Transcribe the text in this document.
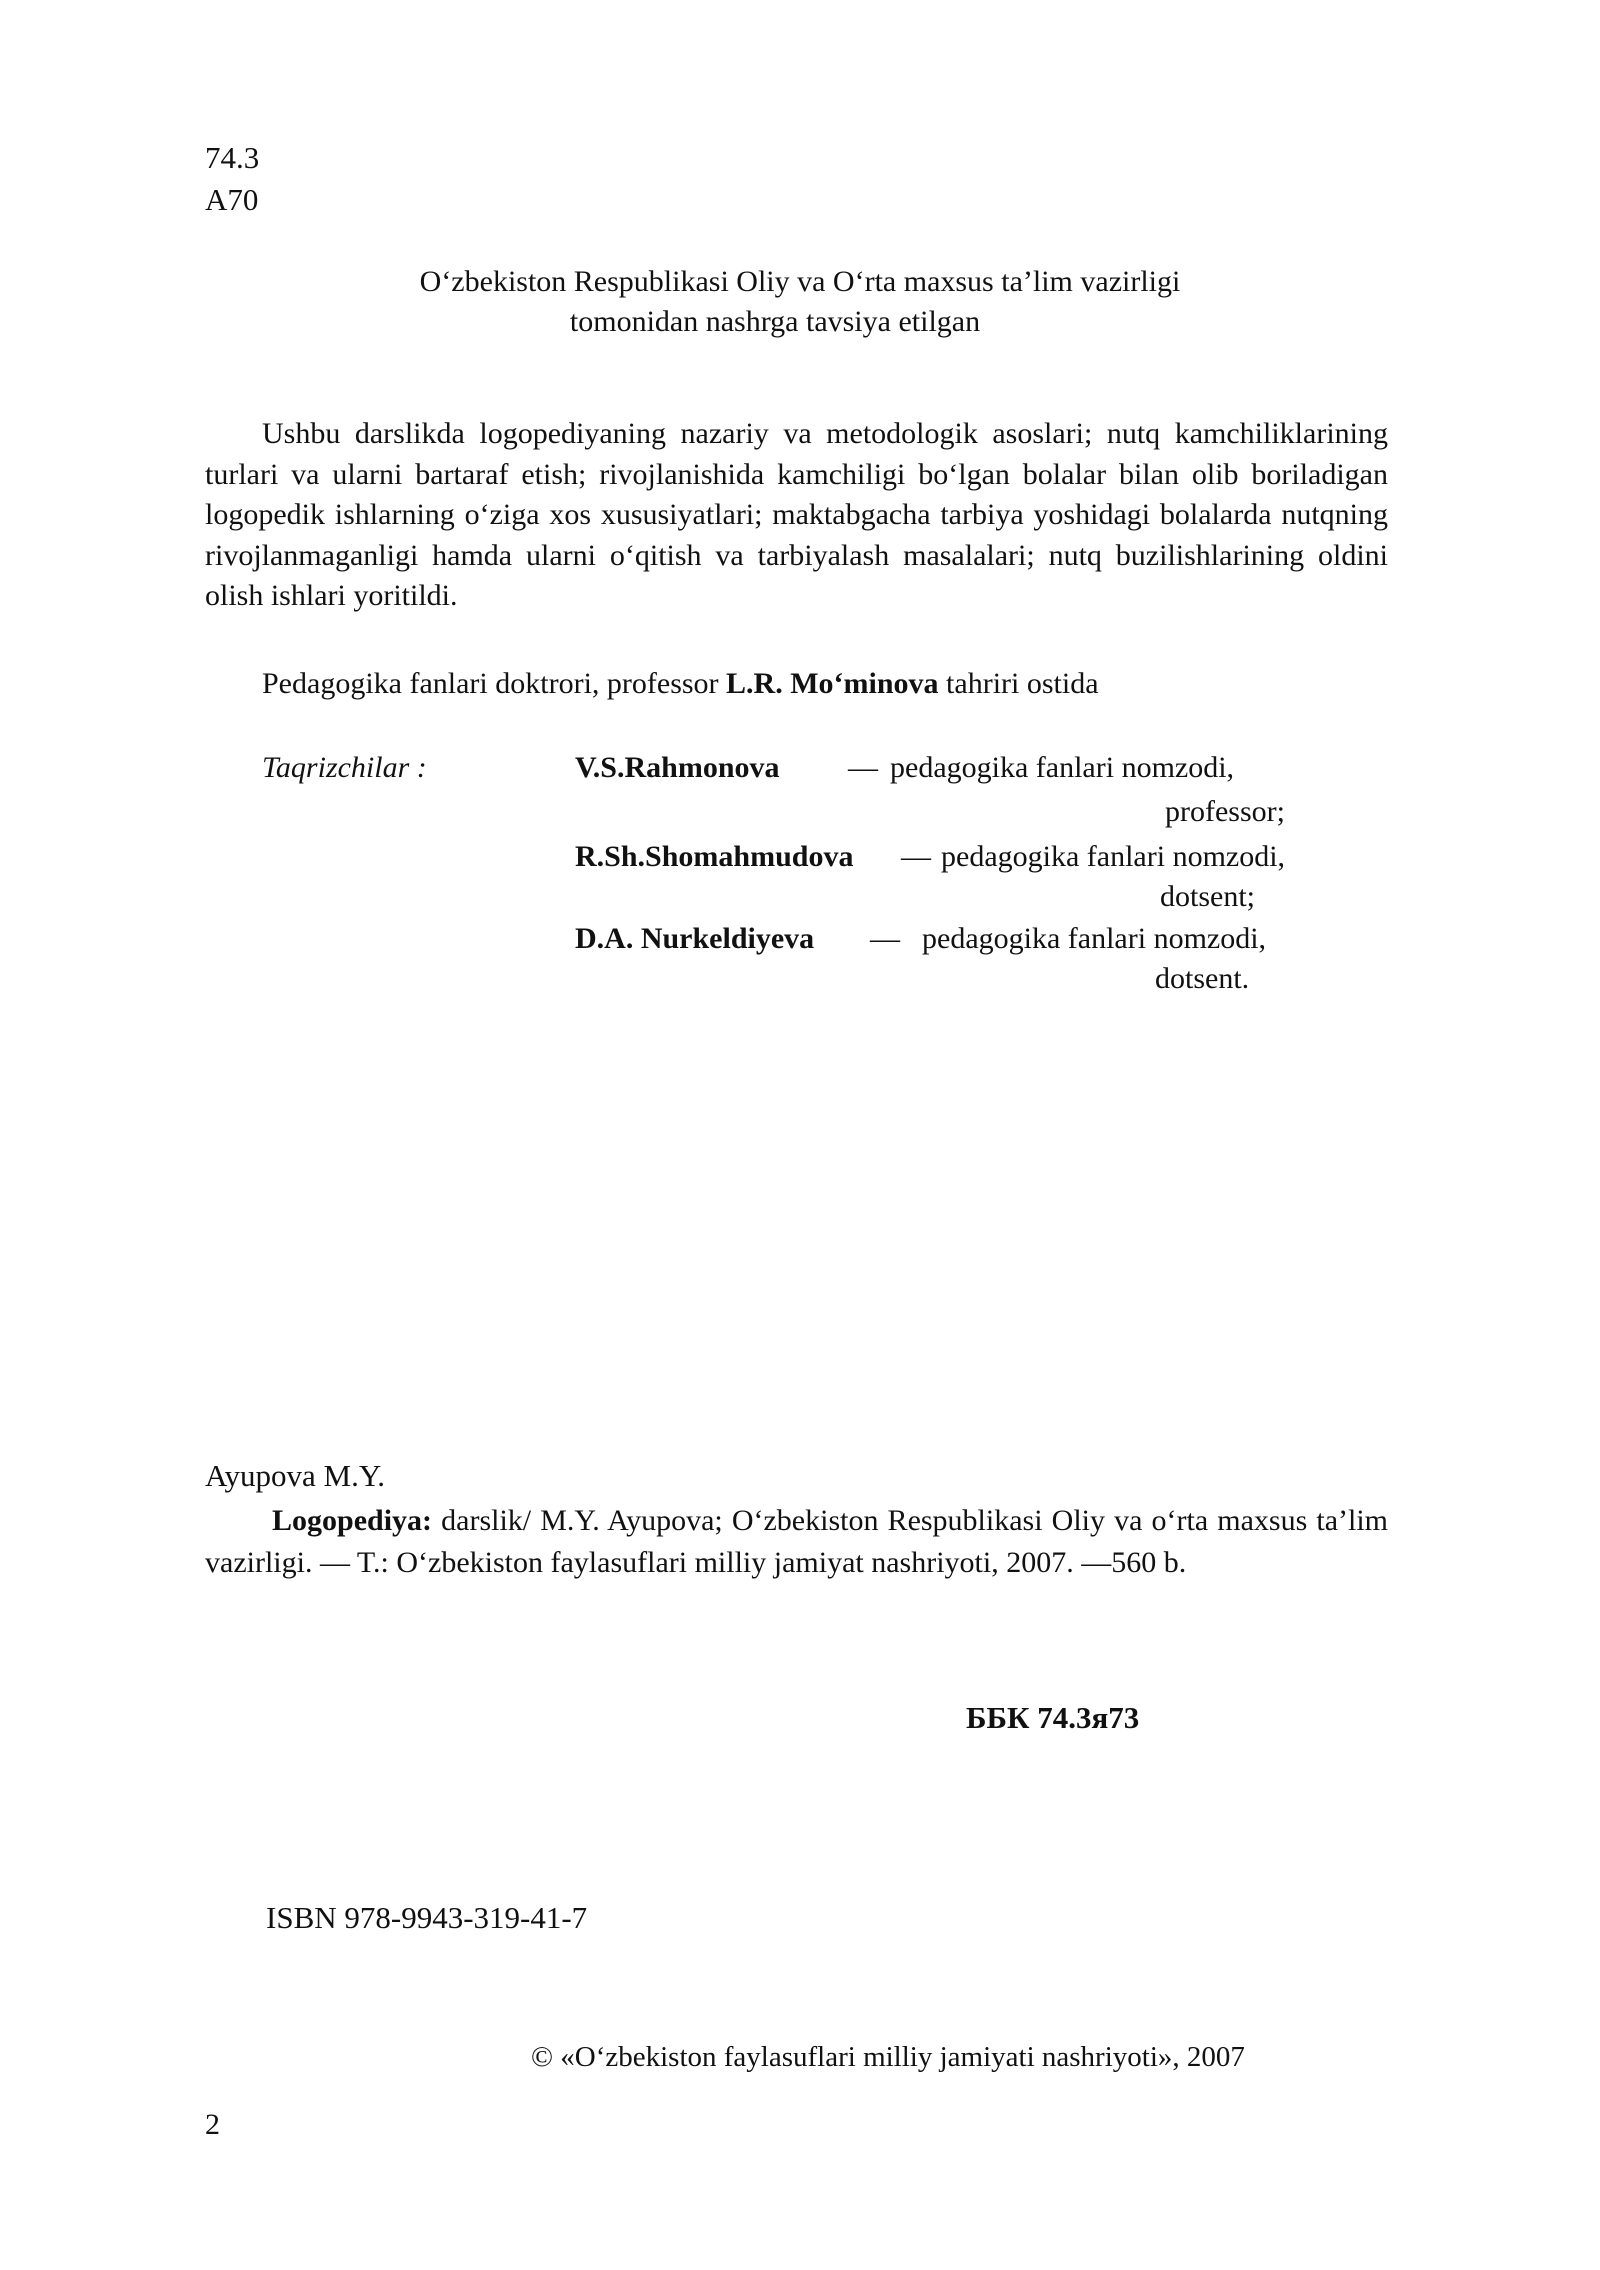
74.3
A70
O‘zbekiston Respublikasi Oliy va O‘rta maxsus ta’lim vazirligi
tomonidan nashrga tavsiya etilgan

Ushbu darslikda logopediyaning nazariy va metodologik asoslari; nutq kamchiliklarining turlari va ularni bartaraf etish; rivojlanishida kamchiligi bo‘lgan bolalar bilan olib boriladigan logopedik ishlarning o‘ziga xos xususiyatlari; maktabgacha tarbiya yoshidagi bolalarda nutqning rivojlanmaganligi hamda ularni o‘qitish va tarbiyalash masalalari; nutq buzilishlarining oldini olish ishlari yoritildi.

Pedagogika fanlari doktrori, professor L.R. Mo‘minova tahriri ostida
Taqrizchilar :	V.S.Rahmonova — pedagogika fanlari nomzodi,
professor;
R.Sh.Shomahmudova — pedagogika fanlari nomzodi,
dotsent;
D.A. Nurkeldiyeva — pedagogika fanlari nomzodi,
dotsent.
Ayupova M.Y.

Logopediya: darslik/ M.Y. Ayupova; O‘zbekiston Respublikasi Oliy va o‘rta maxsus ta’lim vazirligi. — T.: O‘zbekiston faylasuflari milliy jamiyat nashriyoti, 2007. —560 b.

ББК 74.3я73
ISBN 978-9943-319-41-7
© «O‘zbekiston faylasuflari milliy jamiyati nashriyoti», 2007
2
